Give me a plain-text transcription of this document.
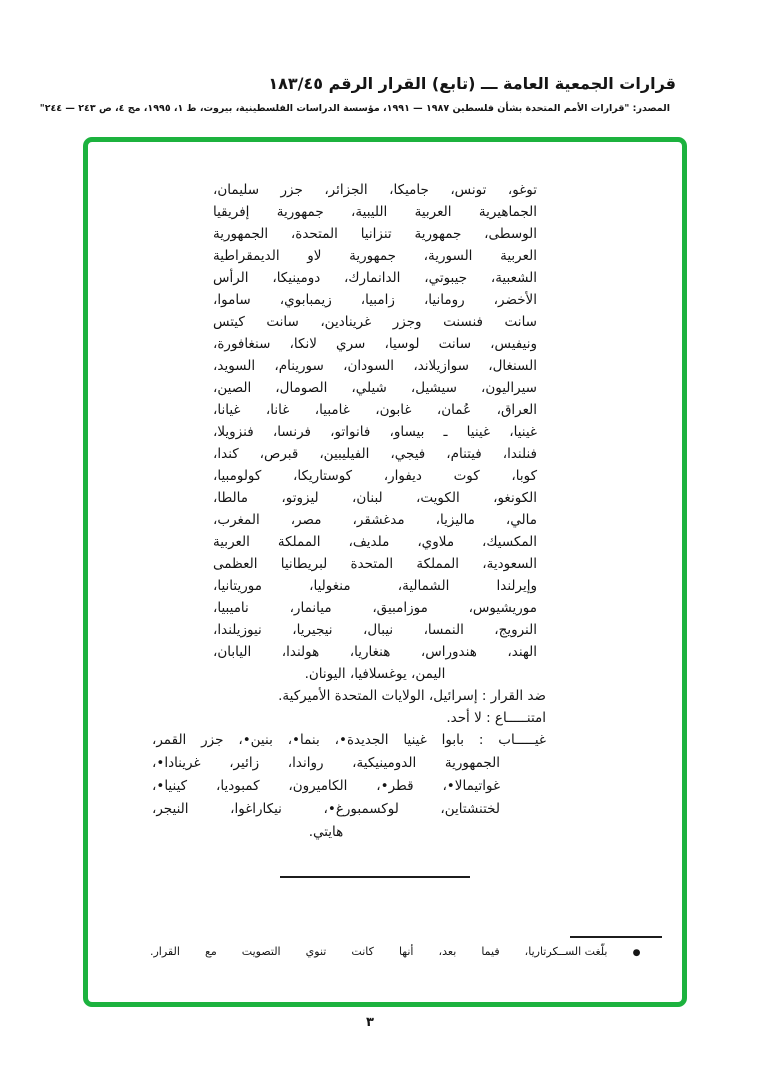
قرارات الجمعية العامة ـــ (تابع) القرار الرقم ١٨٣/٤٥
المصدر: "قرارات الأمم المتحدة بشأن فلسطين ١٩٨٧ — ١٩٩١، مؤسسة الدراسات الفلسطينية، بيروت، ط ١، ١٩٩٥، مج ٤، ص ٢٤٣ — ٢٤٤"
توغو، تونس، جاميكا، الجزائر، جزر سليمان،
الجماهيرية العربية الليبية، جمهورية إفريقيا
الوسطى، جمهورية تنزانيا المتحدة، الجمهورية
العربية السورية، جمهورية لاو الديمقراطية
الشعبية، جيبوتي، الدانمارك، دومينيكا، الرأس
الأخضر، رومانيا، زامبيا، زيمبابوي، ساموا،
سانت فنسنت وجزر غرينادين، سانت كيتس
ونيفيس، سانت لوسيا، سري لانكا، سنغافورة،
السنغال، سوازيلاند، السودان، سورينام، السويد،
سيراليون، سيشيل، شيلي، الصومال، الصين،
العراق، عُمان، غابون، غامبيا، غانا، غيانا،
غينيا، غينيا ـ بيساو، فانواتو، فرنسا، فنزويلا،
فنلندا، فيتنام، فيجي، الفيليبين، قبرص، كندا،
كوبا، كوت ديفوار، كوستاريكا، كولومبيا،
الكونغو، الكويت، لبنان، ليزوتو، مالطا،
مالي، ماليزيا، مدغشقر، مصر، المغرب،
المكسيك، ملاوي، ملديف، المملكة العربية
السعودية، المملكة المتحدة لبريطانيا العظمى
وإيرلندا الشمالية، منغوليا، موريتانيا،
موريشيوس، موزامبيق، ميانمار، ناميبيا،
النرويج، النمسا، نيبال، نيجيريا، نيوزيلندا،
الهند، هندوراس، هنغاريا، هولندا، اليابان،
اليمن، يوغسلافيا، اليونان.
ضد القرار : إسرائيل، الولايات المتحدة الأميركية.
امتنـــــاع : لا أحد.
غيـــــاب : بابوا غينيا الجديدة•، بنما•، بنين•، جزر القمر،
الجمهورية الدومينيكية، رواندا، زائير، غرينادا•،
غواتيمالا•، قطر•، الكاميرون، كمبوديا، كينيا•،
لختنشتاين، لوكسمبورغ•، نيكاراغوا، النيجر،
هايتي.
● بلّغت الســكرتاريا، فيما بعد، أنها كانت تنوي التصويت مع القرار.
٣
